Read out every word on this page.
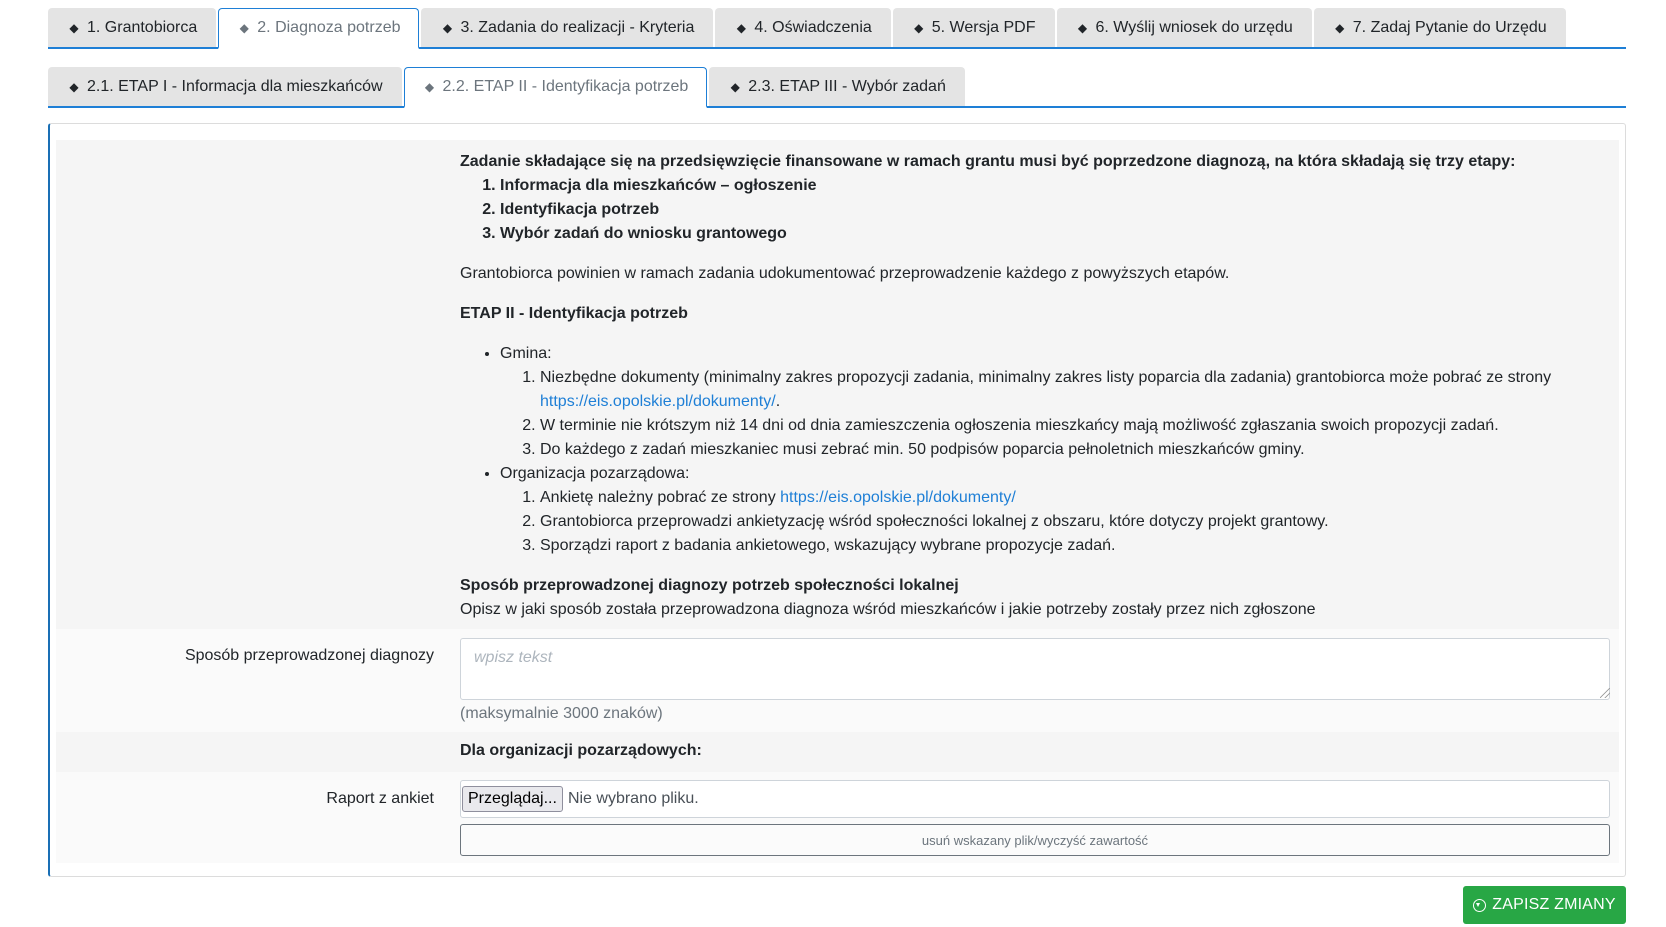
◆ 1. Grantobiorca	◆ 2. Diagnoza potrzeb	◆ 3. Zadania do realizacji - Kryteria	◆ 4. Oświadczenia	◆ 5. Wersja PDF	◆ 6. Wyślij wniosek do urzędu	◆ 7. Zadaj Pytanie do Urzędu
◆ 2.1. ETAP I - Informacja dla mieszkańców	◆ 2.2. ETAP II - Identyfikacja potrzeb	◆ 2.3. ETAP III - Wybór zadań

Zadanie składające się na przedsięwzięcie finansowane w ramach grantu musi być poprzedzone diagnozą, na która składają się trzy etapy:

1. Informacja dla mieszkańców – ogłoszenie
2. Identyfikacja potrzeb
3. Wybór zadań do wniosku grantowego

Grantobiorca powinien w ramach zadania udokumentować przeprowadzenie każdego z powyższych etapów.

ETAP II - Identyfikacja potrzeb

• Gmina:
1. Niezbędne dokumenty (minimalny zakres propozycji zadania, minimalny zakres listy poparcia dla zadania) grantobiorca może pobrać ze strony https://eis.opolskie.pl/dokumenty/.
2. W terminie nie krótszym niż 14 dni od dnia zamieszczenia ogłoszenia mieszkańcy mają możliwość zgłaszania swoich propozycji zadań.
3. Do każdego z zadań mieszkaniec musi zebrać min. 50 podpisów poparcia pełnoletnich mieszkańców gminy.
• Organizacja pozarządowa:
1. Ankietę należny pobrać ze strony https://eis.opolskie.pl/dokumenty/
2. Grantobiorca przeprowadzi ankietyzację wśród społeczności lokalnej z obszaru, które dotyczy projekt grantowy.
3. Sporządzi raport z badania ankietowego, wskazujący wybrane propozycje zadań.

Sposób przeprowadzonej diagnozy potrzeb społeczności lokalnej

Opisz w jaki sposób została przeprowadzona diagnoza wśród mieszkańców i jakie potrzeby zostały przez nich zgłoszone

Sposób przeprowadzonej diagnozy	wpisz tekst
(maksymalnie 3000 znaków)
Dla organizacji pozarządowych:
Raport z ankiet	Przeglądaj... Nie wybrano pliku.
usuń wskazany plik/wyczyść zawartość
ZAPISZ ZMIANY
